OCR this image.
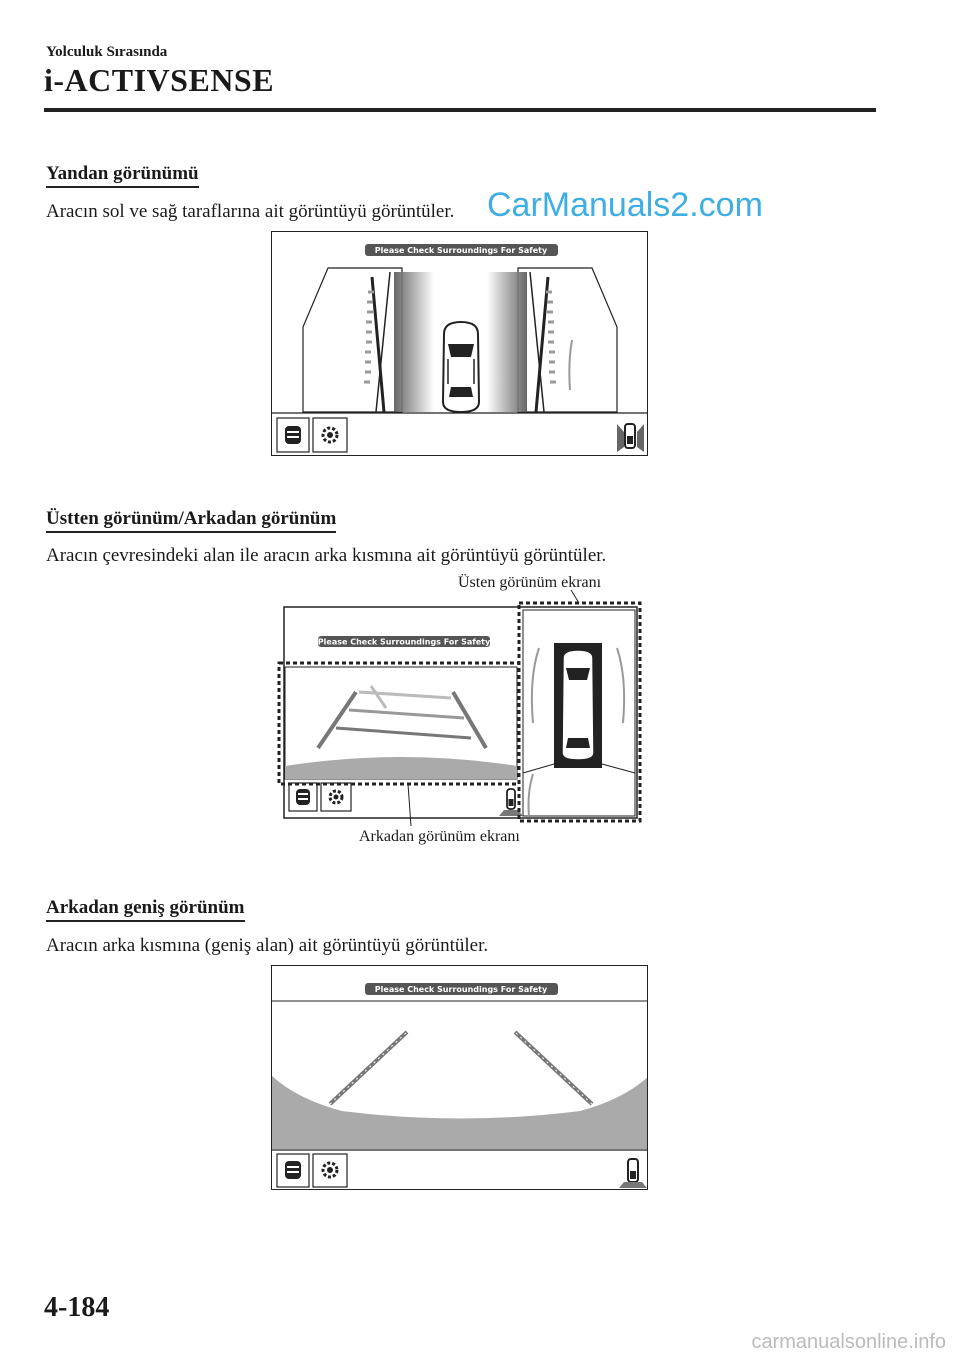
Yolculuk Sırasında
i-ACTIVSENSE
Yandan görünümü
Aracın sol ve sağ taraflarına ait görüntüyü görüntüler. CarManuals2.com
Please Check Surroundings For Safety
Üstten görünüm/Arkadan görünüm
Aracın çevresindeki alan ile aracın arka kısmına ait görüntüyü görüntüler.
Üsten görünüm ekranı
Arkadan görünüm ekranı
Please Check Surroundings For Safety
Arkadan geniş görünüm
Aracın arka kısmına (geniş alan) ait görüntüyü görüntüler.
Please Check Surroundings For Safety
4-184
carmanualsonline.info
